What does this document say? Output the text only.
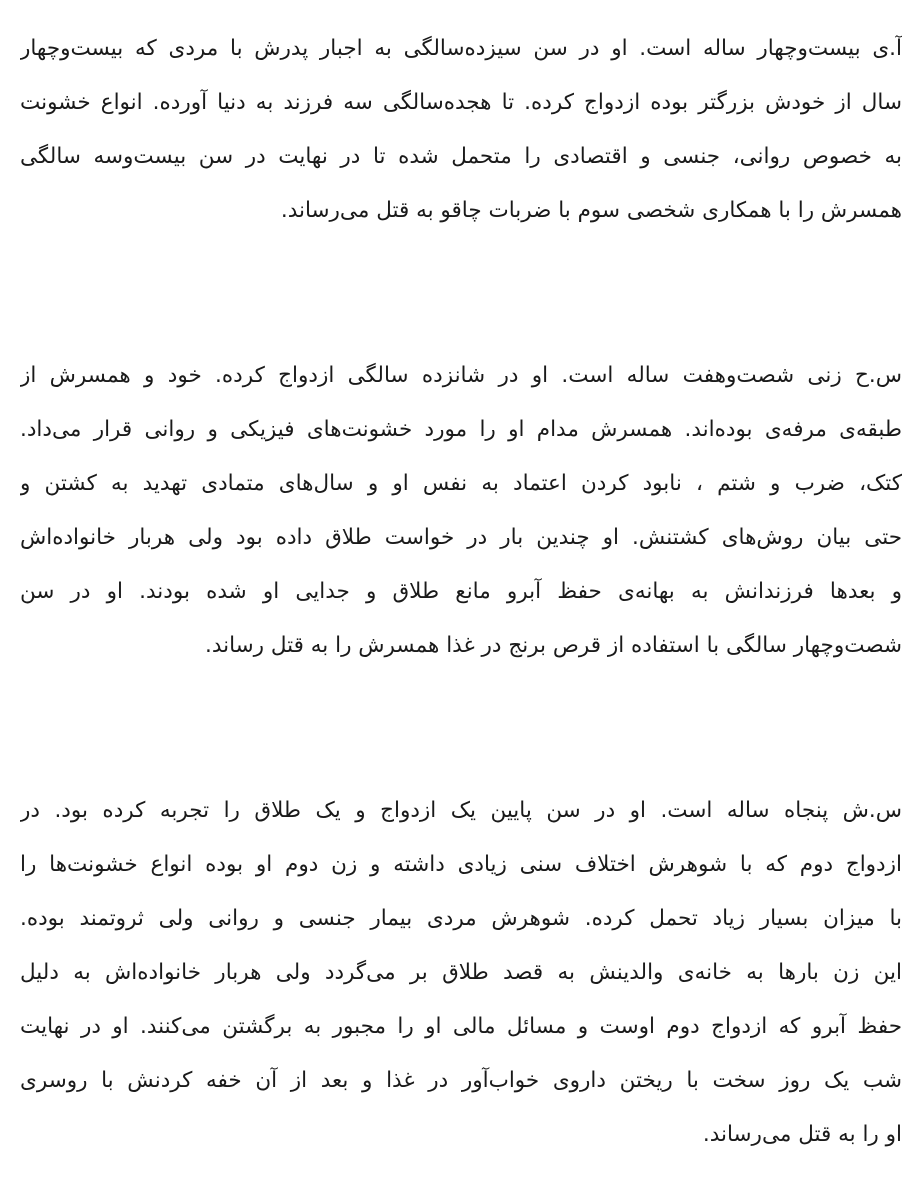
آ.ی بیست‌وچهار ساله است. او در سن سیزده‌سالگی به اجبار پدرش با مردی که بیست‌وچهار
سال از خودش بزرگتر بوده ازدواج کرده. تا هجده‌سالگی سه فرزند به دنیا آورده. انواع خشونت
به خصوص روانی، جنسی و اقتصادی را متحمل شده تا در نهایت در سن بیست‌وسه سالگی
همسرش را با همکاری شخصی سوم با ضربات چاقو به قتل می‌رساند.
س.ح زنی شصت‌وهفت ساله است. او در شانزده سالگی ازدواج کرده. خود و همسرش از
طبقه‌ی مرفه‌ی بوده‌اند. همسرش مدام او را مورد خشونت‌های فیزیکی و روانی قرار می‌داد.
کتک، ضرب و شتم ، نابود کردن اعتماد به نفس او و سال‌های متمادی تهدید به کشتن و
حتی بیان روش‌های کشتنش. او چندین بار در خواست طلاق داده بود ولی هربار خانواده‌اش
و بعدها فرزندانش به بهانه‌ی حفظ آبرو مانع طلاق و جدایی او شده بودند. او در سن
شصت‌وچهار سالگی با استفاده از قرص برنج در غذا همسرش را به قتل رساند.
س.ش پنجاه ساله است. او در سن پایین یک ازدواج و یک طلاق را تجربه کرده بود. در
ازدواج دوم که با شوهرش اختلاف سنی زیادی داشته و زن دوم او بوده انواع خشونت‌ها را
با میزان بسیار زیاد تحمل کرده. شوهرش مردی بیمار جنسی و روانی ولی ثروتمند بوده.
این زن بارها به خانه‌ی والدینش به قصد طلاق بر می‌گردد ولی هربار خانواده‌اش به دلیل
حفظ آبرو که ازدواج دوم اوست و مسائل مالی او را مجبور به برگشتن می‌کنند. او در نهایت
شب یک روز سخت با ریختن داروی خواب‌آور در غذا و بعد از آن خفه کردنش با روسری
او را به قتل می‌رساند.
